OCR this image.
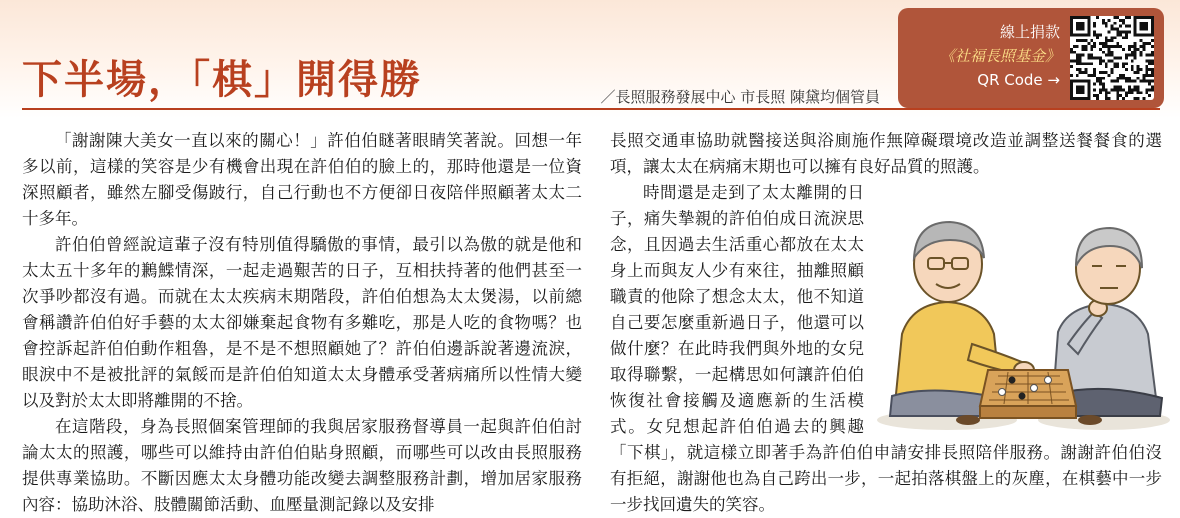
下半場，「棋」開得勝	／長照服務發展中心 市長照 陳黛均個管員
線上捐款
《社福長照基金》
QR Code →

「謝謝陳大美女一直以來的關心！」許伯伯瞇著眼睛笑著說。回想一年多以前，這樣的笑容是少有機會出現在許伯伯的臉上的，那時他還是一位資深照顧者，雖然左腳受傷跛行，自己行動也不方便卻日夜陪伴照顧著太太二十多年。

許伯伯曾經說這輩子沒有特別值得驕傲的事情，最引以為傲的就是他和太太五十多年的鶼鰈情深，一起走過艱苦的日子，互相扶持著的他們甚至一次爭吵都沒有過。而就在太太疾病末期階段，許伯伯想為太太煲湯，以前總會稱讚許伯伯好手藝的太太卻嫌棄起食物有多難吃，那是人吃的食物嗎？也會控訴起許伯伯動作粗魯，是不是不想照顧她了？許伯伯邊訴說著邊流淚，眼淚中不是被批評的氣餒而是許伯伯知道太太身體承受著病痛所以性情大變以及對於太太即將離開的不捨。

在這階段，身為長照個案管理師的我與居家服務督導員一起與許伯伯討論太太的照護，哪些可以維持由許伯伯貼身照顧，而哪些可以改由長照服務提供專業協助。不斷因應太太身體功能改變去調整服務計劃，增加居家服務內容：協助沐浴、肢體關節活動、血壓量測記錄以及安排

長照交通車協助就醫接送與浴廁施作無障礙環境改造並調整送餐餐食的選項，讓太太在病痛末期也可以擁有良好品質的照護。

時間還是走到了太太離開的日子，痛失摯親的許伯伯成日流淚思念，且因過去生活重心都放在太太身上而與友人少有來往，抽離照顧職責的他除了想念太太，他不知道自己要怎麼重新過日子，他還可以做什麼？在此時我們與外地的女兒取得聯繫，一起構思如何讓許伯伯恢復社會接觸及適應新的生活模式。女兒想起許伯伯過去的興趣「下棋」，就這樣立即著手為許伯伯申請安排長照陪伴服務。謝謝許伯伯沒有拒絕，謝謝他也為自己跨出一步，一起拍落棋盤上的灰塵，在棋藝中一步一步找回遺失的笑容。
